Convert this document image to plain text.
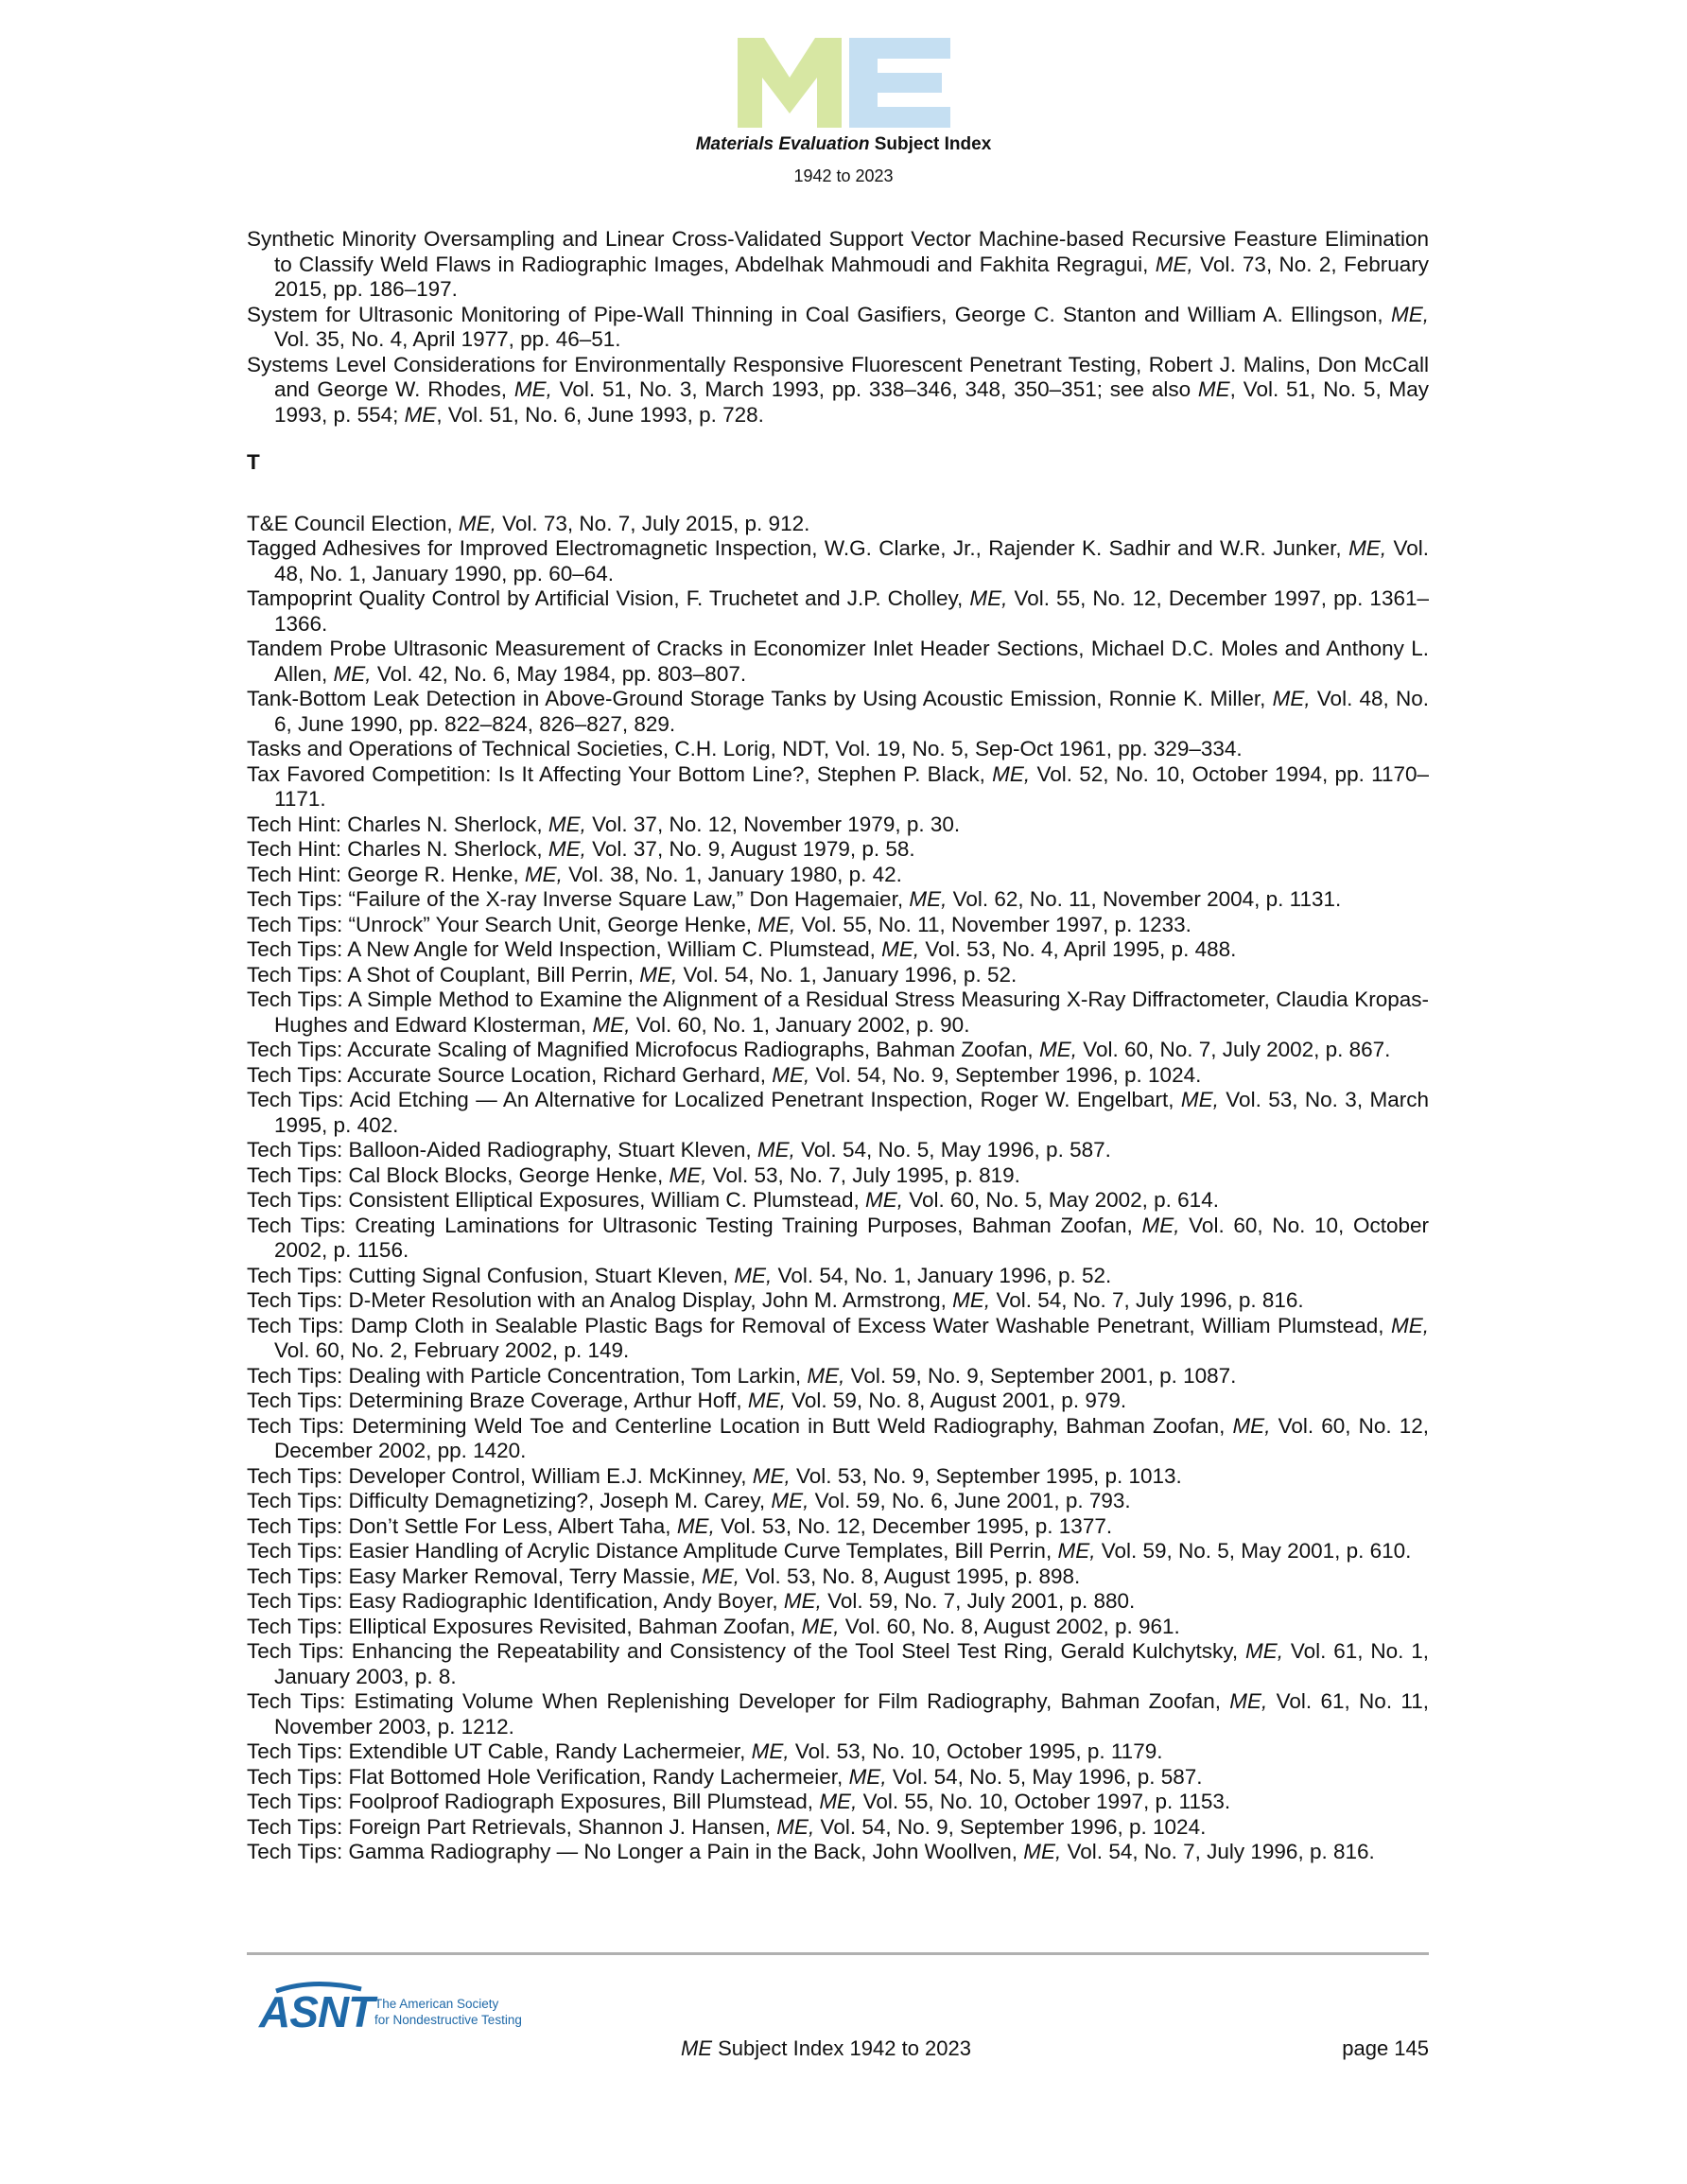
Materials Evaluation Subject Index
1942 to 2023
Synthetic Minority Oversampling and Linear Cross-Validated Support Vector Machine-based Recursive Feasture Elimination to Classify Weld Flaws in Radiographic Images, Abdelhak Mahmoudi and Fakhita Regragui, ME, Vol. 73, No. 2, February 2015, pp. 186–197.
System for Ultrasonic Monitoring of Pipe-Wall Thinning in Coal Gasifiers, George C. Stanton and William A. Ellingson, ME, Vol. 35, No. 4, April 1977, pp. 46–51.
Systems Level Considerations for Environmentally Responsive Fluorescent Penetrant Testing, Robert J. Malins, Don McCall and George W. Rhodes, ME, Vol. 51, No. 3, March 1993, pp. 338–346, 348, 350–351; see also ME, Vol. 51, No. 5, May 1993, p. 554; ME, Vol. 51, No. 6, June 1993, p. 728.
T
T&E Council Election, ME, Vol. 73, No. 7, July 2015, p. 912.
Tagged Adhesives for Improved Electromagnetic Inspection, W.G. Clarke, Jr., Rajender K. Sadhir and W.R. Junker, ME, Vol. 48, No. 1, January 1990, pp. 60–64.
Tampoprint Quality Control by Artificial Vision, F. Truchetet and J.P. Cholley, ME, Vol. 55, No. 12, December 1997, pp. 1361–1366.
Tandem Probe Ultrasonic Measurement of Cracks in Economizer Inlet Header Sections, Michael D.C. Moles and Anthony L. Allen, ME, Vol. 42, No. 6, May 1984, pp. 803–807.
Tank-Bottom Leak Detection in Above-Ground Storage Tanks by Using Acoustic Emission, Ronnie K. Miller, ME, Vol. 48, No. 6, June 1990, pp. 822–824, 826–827, 829.
Tasks and Operations of Technical Societies, C.H. Lorig, NDT, Vol. 19, No. 5, Sep-Oct 1961, pp. 329–334.
Tax Favored Competition: Is It Affecting Your Bottom Line?, Stephen P. Black, ME, Vol. 52, No. 10, October 1994, pp. 1170–1171.
Tech Hint: Charles N. Sherlock, ME, Vol. 37, No. 12, November 1979, p. 30.
Tech Hint: Charles N. Sherlock, ME, Vol. 37, No. 9, August 1979, p. 58.
Tech Hint: George R. Henke, ME, Vol. 38, No. 1, January 1980, p. 42.
Tech Tips: “Failure of the X-ray Inverse Square Law,” Don Hagemaier, ME, Vol. 62, No. 11, November 2004, p. 1131.
Tech Tips: “Unrock” Your Search Unit, George Henke, ME, Vol. 55, No. 11, November 1997, p. 1233.
Tech Tips: A New Angle for Weld Inspection, William C. Plumstead, ME, Vol. 53, No. 4, April 1995, p. 488.
Tech Tips: A Shot of Couplant, Bill Perrin, ME, Vol. 54, No. 1, January 1996, p. 52.
Tech Tips: A Simple Method to Examine the Alignment of a Residual Stress Measuring X-Ray Diffractometer, Claudia Kropas-Hughes and Edward Klosterman, ME, Vol. 60, No. 1, January 2002, p. 90.
Tech Tips: Accurate Scaling of Magnified Microfocus Radiographs, Bahman Zoofan, ME, Vol. 60, No. 7, July 2002, p. 867.
Tech Tips: Accurate Source Location, Richard Gerhard, ME, Vol. 54, No. 9, September 1996, p. 1024.
Tech Tips: Acid Etching — An Alternative for Localized Penetrant Inspection, Roger W. Engelbart, ME, Vol. 53, No. 3, March 1995, p. 402.
Tech Tips: Balloon-Aided Radiography, Stuart Kleven, ME, Vol. 54, No. 5, May 1996, p. 587.
Tech Tips: Cal Block Blocks, George Henke, ME, Vol. 53, No. 7, July 1995, p. 819.
Tech Tips: Consistent Elliptical Exposures, William C. Plumstead, ME, Vol. 60, No. 5, May 2002, p. 614.
Tech Tips: Creating Laminations for Ultrasonic Testing Training Purposes, Bahman Zoofan, ME, Vol. 60, No. 10, October 2002, p. 1156.
Tech Tips: Cutting Signal Confusion, Stuart Kleven, ME, Vol. 54, No. 1, January 1996, p. 52.
Tech Tips: D-Meter Resolution with an Analog Display, John M. Armstrong, ME, Vol. 54, No. 7, July 1996, p. 816.
Tech Tips: Damp Cloth in Sealable Plastic Bags for Removal of Excess Water Washable Penetrant, William Plumstead, ME, Vol. 60, No. 2, February 2002, p. 149.
Tech Tips: Dealing with Particle Concentration, Tom Larkin, ME, Vol. 59, No. 9, September 2001, p. 1087.
Tech Tips: Determining Braze Coverage, Arthur Hoff, ME, Vol. 59, No. 8, August 2001, p. 979.
Tech Tips: Determining Weld Toe and Centerline Location in Butt Weld Radiography, Bahman Zoofan, ME, Vol. 60, No. 12, December 2002, pp. 1420.
Tech Tips: Developer Control, William E.J. McKinney, ME, Vol. 53, No. 9, September 1995, p. 1013.
Tech Tips: Difficulty Demagnetizing?, Joseph M. Carey, ME, Vol. 59, No. 6, June 2001, p. 793.
Tech Tips: Don’t Settle For Less, Albert Taha, ME, Vol. 53, No. 12, December 1995, p. 1377.
Tech Tips: Easier Handling of Acrylic Distance Amplitude Curve Templates, Bill Perrin, ME, Vol. 59, No. 5, May 2001, p. 610.
Tech Tips: Easy Marker Removal, Terry Massie, ME, Vol. 53, No. 8, August 1995, p. 898.
Tech Tips: Easy Radiographic Identification, Andy Boyer, ME, Vol. 59, No. 7, July 2001, p. 880.
Tech Tips: Elliptical Exposures Revisited, Bahman Zoofan, ME, Vol. 60, No. 8, August 2002, p. 961.
Tech Tips: Enhancing the Repeatability and Consistency of the Tool Steel Test Ring, Gerald Kulchytsky, ME, Vol. 61, No. 1, January 2003, p. 8.
Tech Tips: Estimating Volume When Replenishing Developer for Film Radiography, Bahman Zoofan, ME, Vol. 61, No. 11, November 2003, p. 1212.
Tech Tips: Extendible UT Cable, Randy Lachermeier, ME, Vol. 53, No. 10, October 1995, p. 1179.
Tech Tips: Flat Bottomed Hole Verification, Randy Lachermeier, ME, Vol. 54, No. 5, May 1996, p. 587.
Tech Tips: Foolproof Radiograph Exposures, Bill Plumstead, ME, Vol. 55, No. 10, October 1997, p. 1153.
Tech Tips: Foreign Part Retrievals, Shannon J. Hansen, ME, Vol. 54, No. 9, September 1996, p. 1024.
Tech Tips: Gamma Radiography — No Longer a Pain in the Back, John Woollven, ME, Vol. 54, No. 7, July 1996, p. 816.
ASNT The American Society
for Nondestructive Testing
ME Subject Index 1942 to 2023	page 145
